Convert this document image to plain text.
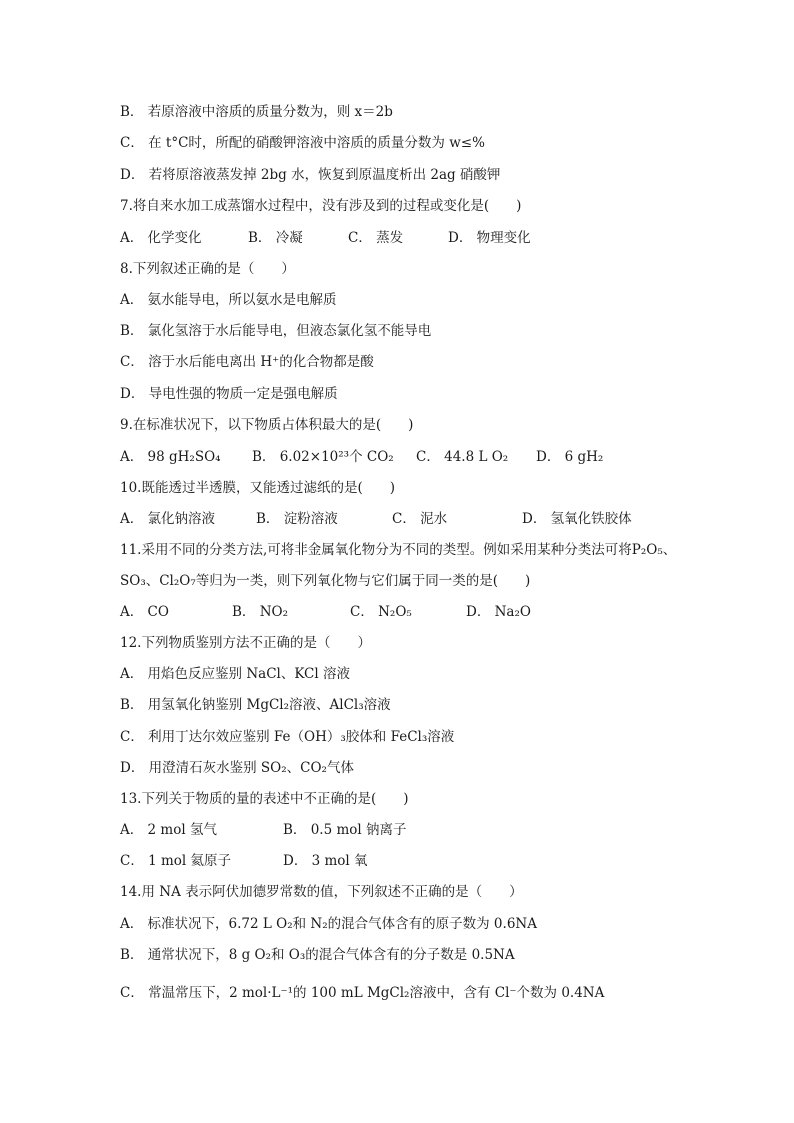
B． 若原溶液中溶质的质量分数为，则 x＝2b
C． 在 t°C时，所配的硝酸钾溶液中溶质的质量分数为 w≤%
D． 若将原溶液蒸发掉 2bg 水，恢复到原温度析出 2ag 硝酸钾
7.将自来水加工成蒸馏水过程中，没有涉及到的过程或变化是(　　)
A． 化学变化	B． 冷凝	C． 蒸发	D． 物理变化
8.下列叙述正确的是（　　）
A． 氨水能导电，所以氨水是电解质
B． 氯化氢溶于水后能导电，但液态氯化氢不能导电
C． 溶于水后能电离出 H⁺的化合物都是酸
D． 导电性强的物质一定是强电解质
9.在标准状况下，以下物质占体积最大的是(　　)
A． 98 gH₂SO₄ B． 6.02×10²³个 CO₂ C． 44.8 L O₂ D． 6 gH₂
10.既能透过半透膜，又能透过滤纸的是(　　)
A． 氯化钠溶液	B． 淀粉溶液	C． 泥水	D． 氢氧化铁胶体
11.采用不同的分类方法,可将非金属氧化物分为不同的类型。例如采用某种分类法可将P₂O₅、
SO₃、Cl₂O₇等归为一类，则下列氧化物与它们属于同一类的是(　　)
A． CO	B． NO₂	C． N₂O₅	D． Na₂O
12.下列物质鉴别方法不正确的是（　　）
A． 用焰色反应鉴别 NaCl、KCl 溶液
B． 用氢氧化钠鉴别 MgCl₂溶液、AlCl₃溶液
C． 利用丁达尔效应鉴别 Fe（OH）₃胶体和 FeCl₃溶液
D． 用澄清石灰水鉴别 SO₂、CO₂气体
13.下列关于物质的量的表述中不正确的是(　　)
A． 2 mol 氢气	B． 0.5 mol 钠离子
C． 1 mol 氦原子	D． 3 mol 氧
14.用 NA 表示阿伏加德罗常数的值，下列叙述不正确的是（　　）
A． 标准状况下，6.72 L O₂和 N₂的混合气体含有的原子数为 0.6NA
B． 通常状况下，8 g O₂和 O₃的混合气体含有的分子数是 0.5NA
C． 常温常压下，2 mol·L⁻¹的 100 mL MgCl₂溶液中，含有 Cl⁻个数为 0.4NA
